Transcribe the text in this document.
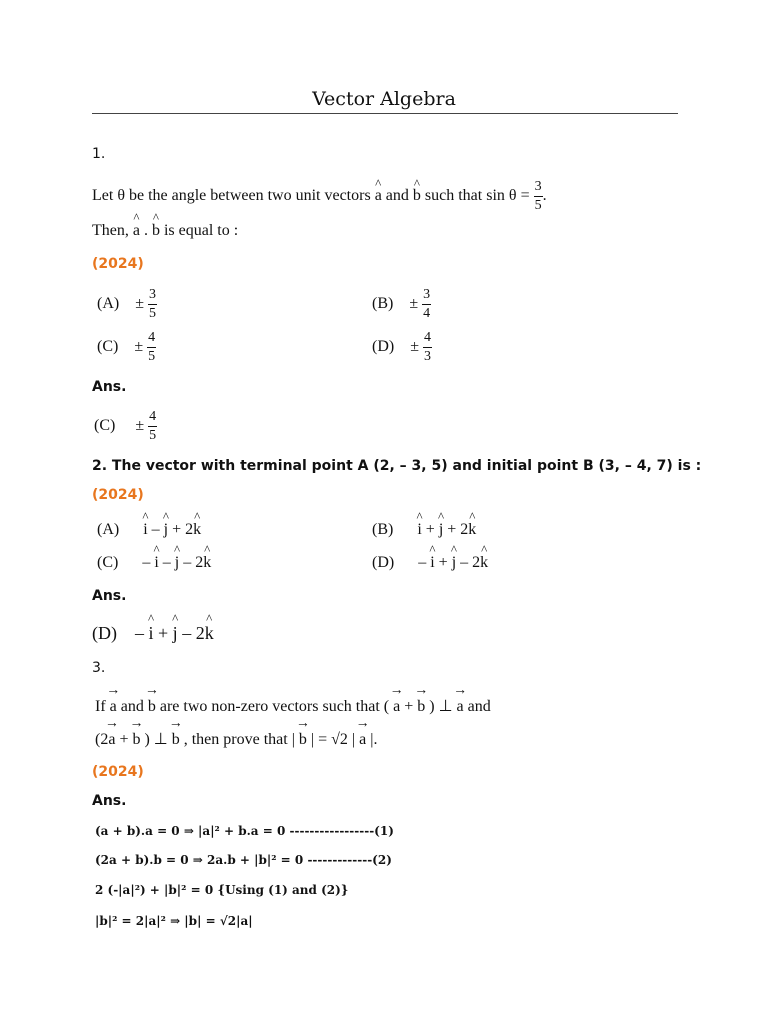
Vector Algebra
1.
Let θ be the angle between two unit vectors ^ a and ^ b such that $\sin \theta = \frac{3}{5}$ .
Then, ^ a . ^ b is equal to :
(2024)
$(A) \pm \frac{3}{5}$	$(B) \pm \frac{3}{4}$
$(C) \pm \frac{4}{5}$	$(D) \pm \frac{4}{3}$
Ans.
$(C) \pm \frac{4}{5}$
2. The vector with terminal point A (2, – 3, 5) and initial point B (3, – 4, 7) is :
(2024)
(A) ^ i – ^ j + 2^ k	(B) ^ i + ^ j + 2^ k
(C) – ^ i – ^ j – 2^ k	(D) – ^ i + ^ j – 2^ k
Ans.
(D) – ^ i + ^ j – 2^ k
3.
If → a and → b are two non-zero vectors such that ( → a + → b ) ⊥ → a and
(2→ a + → b ) ⊥ → b , then prove that | → b | = √2 | → a |.
(2024)
Ans.
(a + b).a = 0 ⇒ |a|² + b.a = 0 -----------------(1)
(2a + b).b = 0 ⇒ 2a.b + |b|² = 0 -------------(2)
2 (-|a|²) + |b|² = 0 {Using (1) and (2)}
|b|² = 2|a|² ⇒ |b| = √2|a|
